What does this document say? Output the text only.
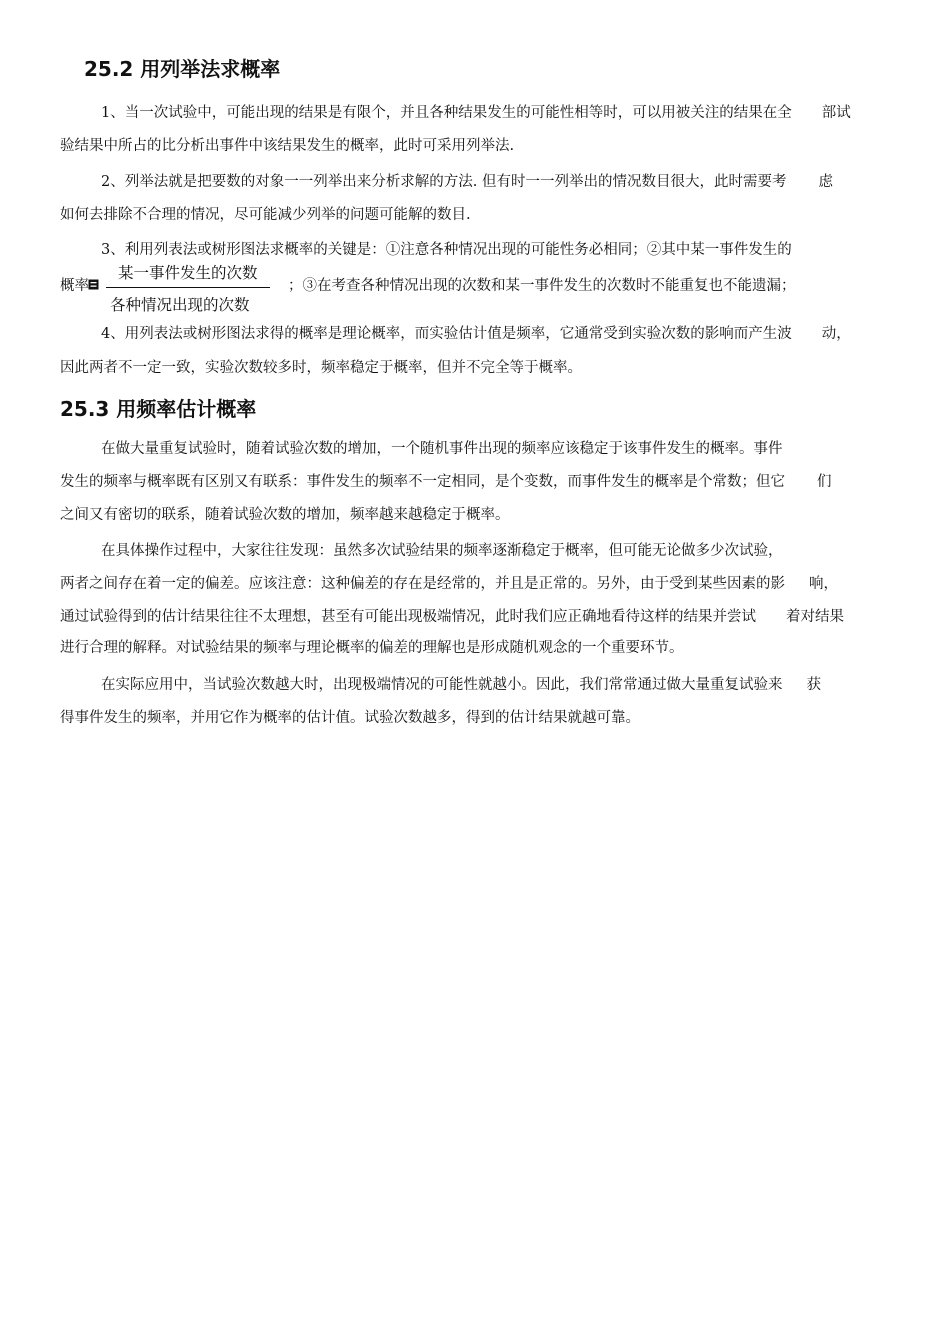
25.2 用列举法求概率
1、当一次试验中，可能出现的结果是有限个，并且各种结果发生的可能性相等时，可以用被关注的结果在全 部试
验结果中所占的比分析出事件中该结果发生的概率，此时可采用列举法.
2、列举法就是把要数的对象一一列举出来分析求解的方法. 但有时一一列举出的情况数目很大，此时需要考 虑
如何去排除不合理的情况，尽可能减少列举的问题可能解的数目.
3、利用列表法或树形图法求概率的关键是：①注意各种情况出现的可能性务必相同；②其中某一事件发生的
概率
某一事件发生的次数
各种情况出现的次数
；③在考查各种情况出现的次数和某一事件发生的次数时不能重复也不能遗漏；
4、用列表法或树形图法求得的概率是理论概率，而实验估计值是频率，它通常受到实验次数的影响而产生波 动，
因此两者不一定一致，实验次数较多时，频率稳定于概率，但并不完全等于概率。
25.3 用频率估计概率
在做大量重复试验时，随着试验次数的增加，一个随机事件出现的频率应该稳定于该事件发生的概率。事件
发生的频率与概率既有区别又有联系：事件发生的频率不一定相同，是个变数，而事件发生的概率是个常数；但它 们
之间又有密切的联系，随着试验次数的增加，频率越来越稳定于概率。
在具体操作过程中，大家往往发现：虽然多次试验结果的频率逐渐稳定于概率，但可能无论做多少次试验，
两者之间存在着一定的偏差。应该注意：这种偏差的存在是经常的，并且是正常的。另外，由于受到某些因素的影 响，
通过试验得到的估计结果往往不太理想，甚至有可能出现极端情况，此时我们应正确地看待这样的结果并尝试 着对结果
进行合理的解释。对试验结果的频率与理论概率的偏差的理解也是形成随机观念的一个重要环节。
在实际应用中，当试验次数越大时，出现极端情况的可能性就越小。因此，我们常常通过做大量重复试验来 获
得事件发生的频率，并用它作为概率的估计值。试验次数越多，得到的估计结果就越可靠。
